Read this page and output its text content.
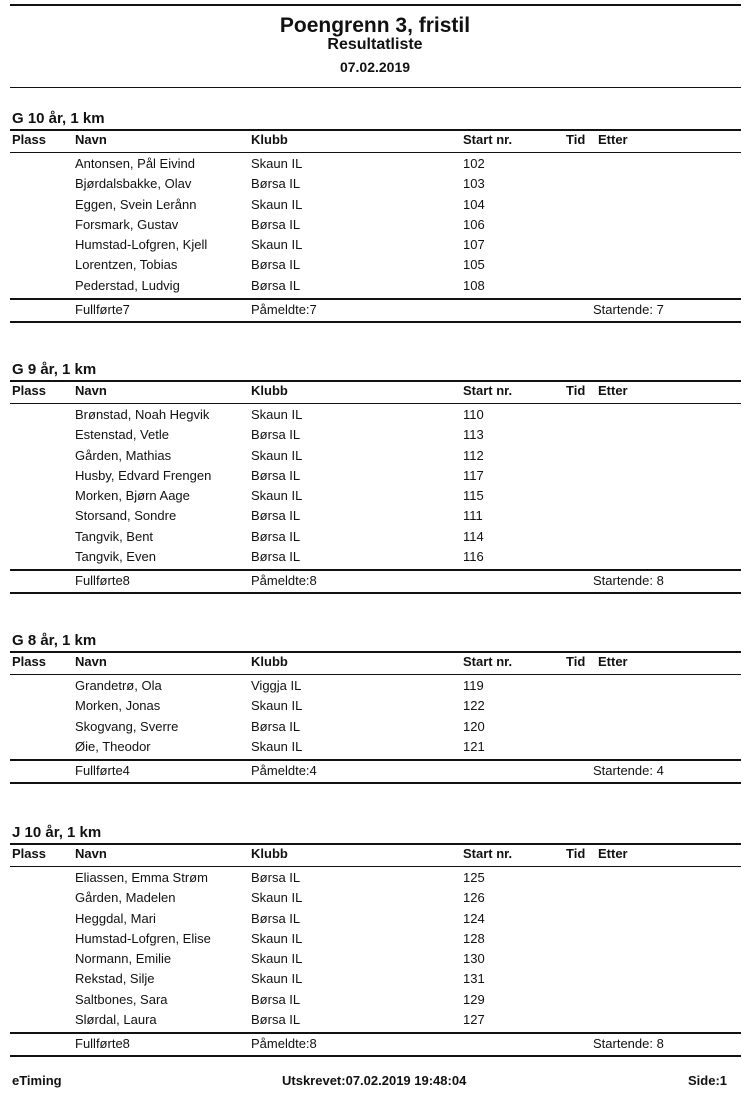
Poengrenn 3, fristil
Resultatliste
07.02.2019
G 10 år, 1 km
Plass Navn	Klubb	Start nr.	Tid Etter
Antonsen, Pål Eivind	Skaun IL	102
Bjørdalsbakke, Olav	Børsa IL	103
Eggen, Svein Lerånn	Skaun IL	104
Forsmark, Gustav	Børsa IL	106
Humstad-Lofgren, Kjell	Skaun IL	107
Lorentzen, Tobias	Børsa IL	105
Pederstad, Ludvig	Børsa IL	108
Fullførte7	Påmeldte:7	Startende: 7
G 9 år, 1 km
Plass Navn	Klubb	Start nr.	Tid Etter
Brønstad, Noah Hegvik	Skaun IL	110
Estenstad, Vetle	Børsa IL	113
Gården, Mathias	Skaun IL	112
Husby, Edvard Frengen	Børsa IL	117
Morken, Bjørn Aage	Skaun IL	115
Storsand, Sondre	Børsa IL	111
Tangvik, Bent	Børsa IL	114
Tangvik, Even	Børsa IL	116
Fullførte8	Påmeldte:8	Startende: 8
G 8 år, 1 km
Plass Navn	Klubb	Start nr.	Tid Etter
Grandetrø, Ola	Viggja IL	119
Morken, Jonas	Skaun IL	122
Skogvang, Sverre	Børsa IL	120
Øie, Theodor	Skaun IL	121
Fullførte4	Påmeldte:4	Startende: 4
J 10 år, 1 km
Plass Navn	Klubb	Start nr.	Tid Etter
Eliassen, Emma Strøm	Børsa IL	125
Gården, Madelen	Skaun IL	126
Heggdal, Mari	Børsa IL	124
Humstad-Lofgren, Elise	Skaun IL	128
Normann, Emilie	Skaun IL	130
Rekstad, Silje	Skaun IL	131
Saltbones, Sara	Børsa IL	129
Slørdal, Laura	Børsa IL	127
Fullførte8	Påmeldte:8	Startende: 8
eTiming	Utskrevet:07.02.2019 19:48:04	Side:1
